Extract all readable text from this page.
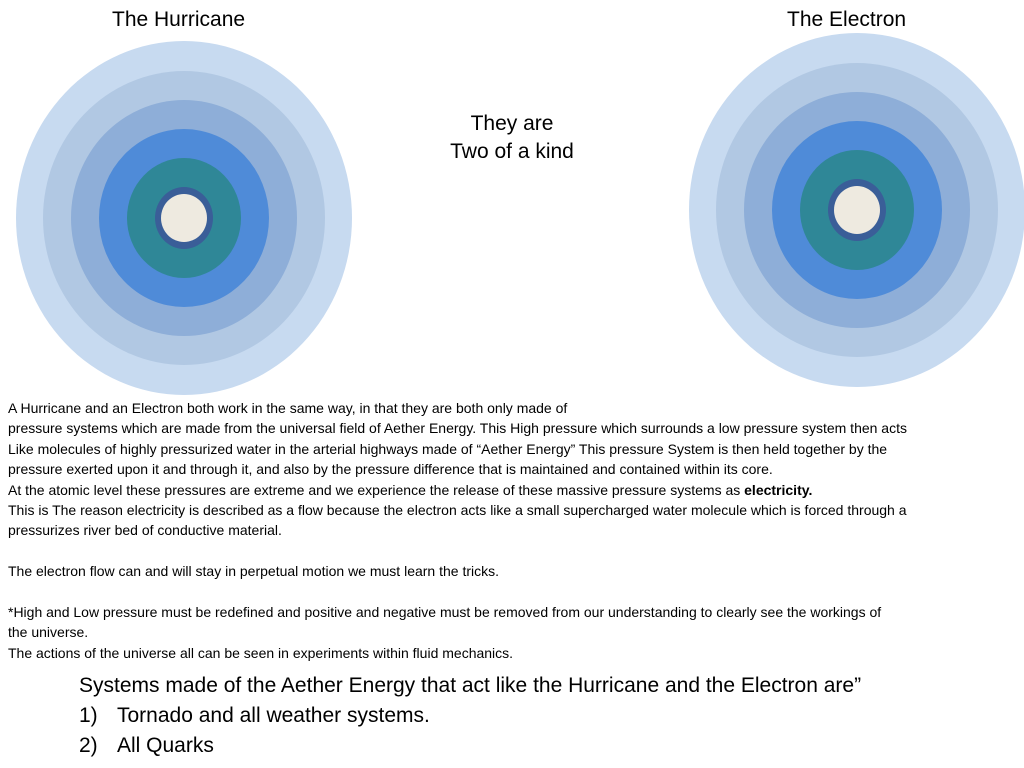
The Hurricane	The Electron
They are
Two of a kind

A Hurricane and an Electron both work in the same way, in that they are both only made of

pressure systems which are made from the universal field of Aether Energy. This High pressure which surrounds a low pressure system then acts

Like molecules of highly pressurized water in the arterial highways made of “Aether Energy” This pressure System is then held together by the

pressure exerted upon it and through it, and also by the pressure difference that is maintained and contained within its core.

At the atomic level these pressures are extreme and we experience the release of these massive pressure systems as electricity.

This is The reason electricity is described as a flow because the electron acts like a small supercharged water molecule which is forced through a

pressurizes river bed of conductive material.

The electron flow can and will stay in perpetual motion we must learn the tricks.

*High and Low pressure must be redefined and positive and negative must be removed from our understanding to clearly see the workings of

the universe.

The actions of the universe all can be seen in experiments within fluid mechanics.

Systems made of the Aether Energy that act like the Hurricane and the Electron are”
1) Tornado and all weather systems.
2) All Quarks
